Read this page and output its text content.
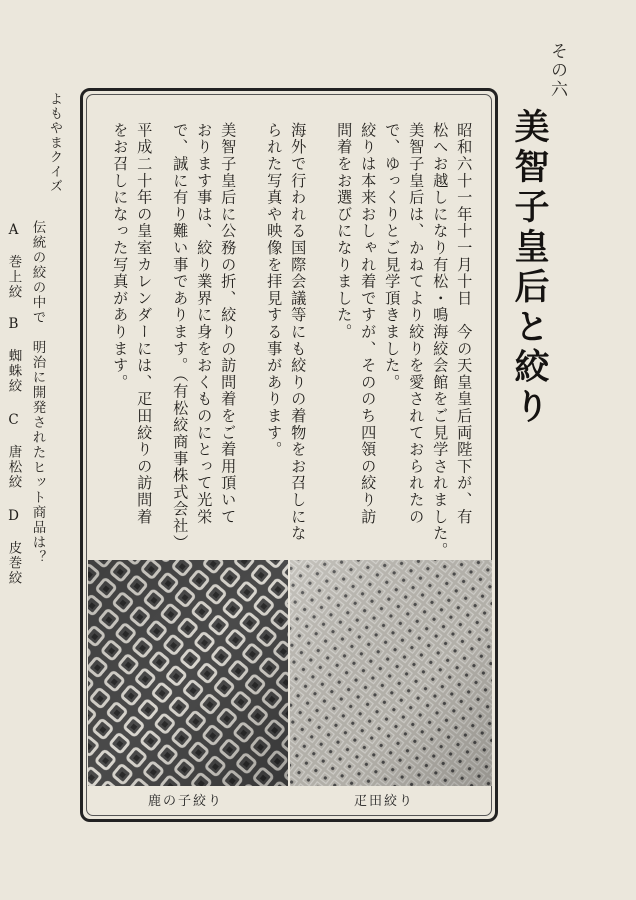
その六
美智子皇后と絞り
昭和六十一年十一月十日　今の天皇皇后両陛下が、有
松へお越しになり有松・鳴海絞会館をご見学されました。
美智子皇后は、かねてより絞りを愛されておられたの
で、ゆっくりとご見学頂きました。
絞りは本来おしゃれ着ですが、そののち四領の絞り訪
問着をお選びになりました。
海外で行われる国際会議等にも絞りの着物をお召しにな
られた写真や映像を拝見する事があります。
美智子皇后に公務の折、絞りの訪問着をご着用頂いて
おります事は、絞り業界に身をおくものにとって光栄
で、誠に有り難い事であります。（有松絞商事株式会社）
平成二十年の皇室カレンダーには、疋田絞りの訪問着
をお召しになった写真があります。
鹿の子絞り	疋田絞り
よもやまクイズ
伝統の絞の中で　明治に開発されたヒット商品は？
A　巻上絞
B　蜘蛛絞
C　唐松絞
D　皮巻絞
